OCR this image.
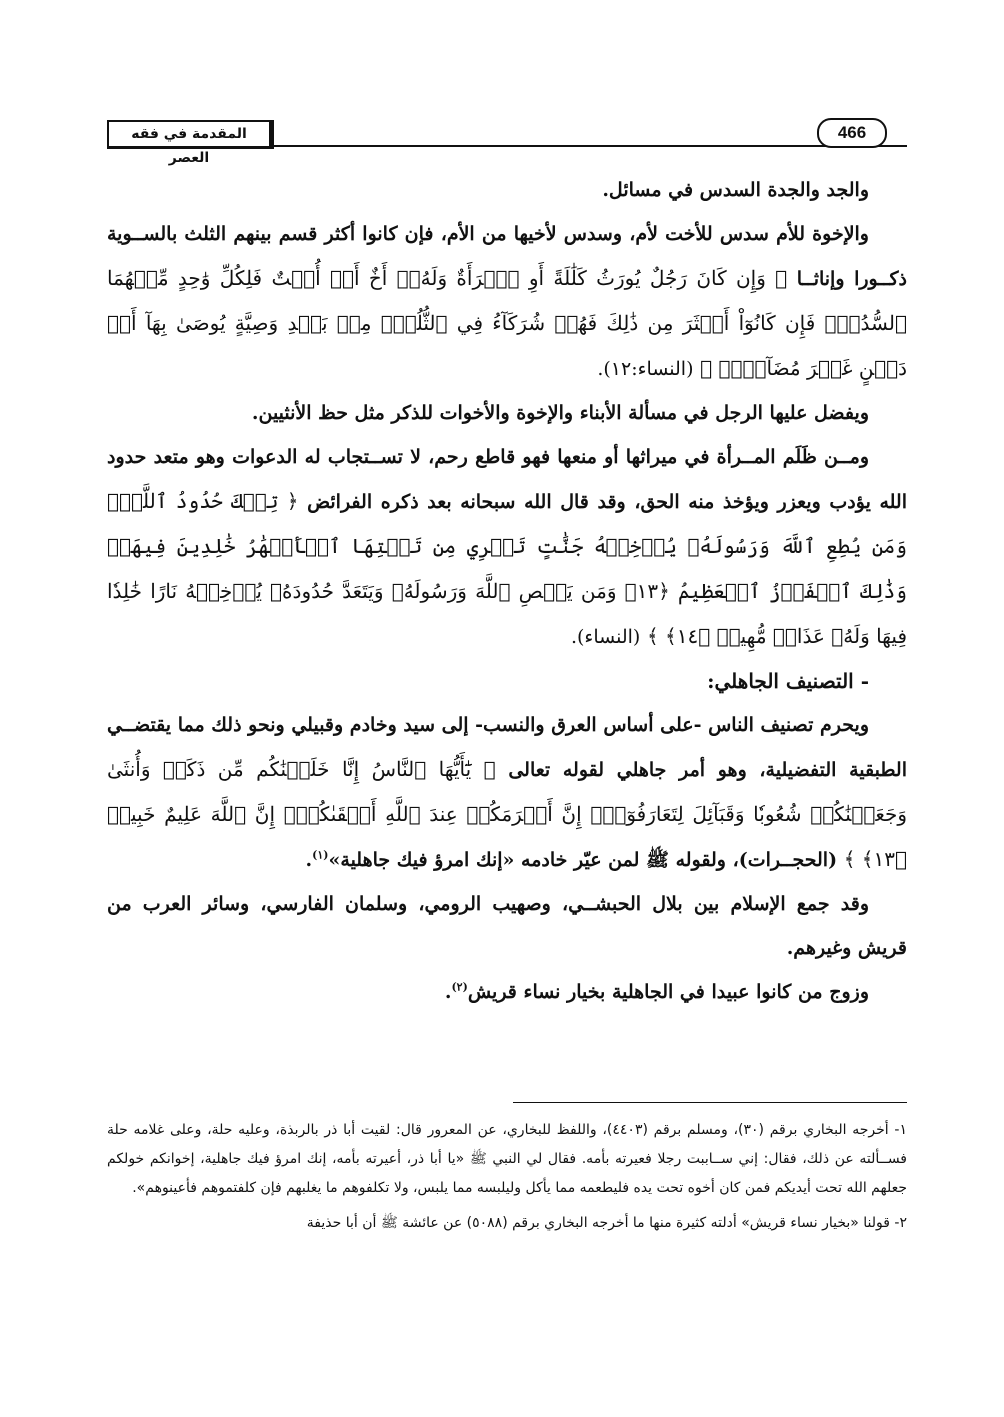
المقدمة في فقه العصر
466

والجد والجدة السدس في مسائل.

والإخوة للأم سدس للأخت لأم، وسدس لأخيها من الأم، فإن كانوا أكثر قسم بينهم الثلث بالســوية ذكــورا وإناثــا ﴿ وَإِن كَانَ رَجُلٌ يُورَثُ كَلَٰلَةً أَوِ ٱمۡرَأَةٌ وَلَهُۥٓ أَخٌ أَوۡ أُخۡتٌ فَلِكُلِّ وَٰحِدٍ مِّنۡهُمَا ٱلسُّدُسُۚ فَإِن كَانُوٓاْ أَكۡثَرَ مِن ذَٰلِكَ فَهُمۡ شُرَكَآءُ فِي ٱلثُّلُثِۚ مِنۢ بَعۡدِ وَصِيَّةٍ يُوصَىٰ بِهَآ أَوۡ دَيۡنٍ غَيۡرَ مُضَآرٍّۚ ﴾ (النساء:١٢).

ويفضل عليها الرجل في مسألة الأبناء والإخوة والأخوات للذكر مثل حظ الأنثيين.

ومــن ظَلَم المــرأة في ميراثها أو منعها فهو قاطع رحم، لا تســتجاب له الدعوات وهو متعد حدود الله يؤدب ويعزر ويؤخذ منه الحق، وقد قال الله سبحانه بعد ذكره الفرائض ﴿ تِلۡكَ حُدُودُ ٱللَّهِۚ وَمَن يُطِعِ ٱللَّهَ وَرَسُولَهُۥ يُدۡخِلۡهُ جَنَّٰتٍ تَجۡرِي مِن تَحۡتِهَا ٱلۡأَنۡهَٰرُ خَٰلِدِينَ فِيهَاۚ وَذَٰلِكَ ٱلۡفَوۡزُ ٱلۡعَظِيمُ ﴿١٣﴾ وَمَن يَعۡصِ ٱللَّهَ وَرَسُولَهُۥ وَيَتَعَدَّ حُدُودَهُۥ يُدۡخِلۡهُ نَارًا خَٰلِدٗا فِيهَا وَلَهُۥ عَذَابٞ مُّهِينٞ ﴿١٤﴾ ﴾ (النساء).

- التصنيف الجاهلي:

ويحرم تصنيف الناس -على أساس العرق والنسب- إلى سيد وخادم وقبيلي ونحو ذلك مما يقتضــي الطبقية التفضيلية، وهو أمر جاهلي لقوله تعالى ﴿ يَٰٓأَيُّهَا ٱلنَّاسُ إِنَّا خَلَقۡنَٰكُم مِّن ذَكَرٖ وَأُنثَىٰ وَجَعَلۡنَٰكُمۡ شُعُوبٗا وَقَبَآئِلَ لِتَعَارَفُوٓاْۚ إِنَّ أَكۡرَمَكُمۡ عِندَ ٱللَّهِ أَتۡقَىٰكُمۡۚ إِنَّ ٱللَّهَ عَلِيمٌ خَبِيرٞ ﴿١٣﴾ ﴾ (الحجــرات)، ولقوله ﷺ لمن عيّر خادمه «إنك امرؤ فيك جاهلية»$^{(١)}$.

وقد جمع الإسلام بين بلال الحبشــي، وصهيب الرومي، وسلمان الفارسي، وسائر العرب من قريش وغيرهم.

وزوج من كانوا عبيدا في الجاهلية بخيار نساء قريش$^{(٢)}$.

١- أخرجه البخاري برقم (٣٠)، ومسلم برقم (٤٤٠٣)، واللفظ للبخاري، عن المعرور قال: لقيت أبا ذر بالربذة، وعليه حلة، وعلى غلامه حلة فســألته عن ذلك، فقال: إني ســاببت رجلا فعيرته بأمه. فقال لي النبي ﷺ «يا أبا ذر، أعيرته بأمه، إنك امرؤ فيك جاهلية، إخوانكم خولكم جعلهم الله تحت أيديكم فمن كان أخوه تحت يده فليطعمه مما يأكل وليلبسه مما يلبس، ولا تكلفوهم ما يغلبهم فإن كلفتموهم فأعينوهم».

٢- قولنا «بخيار نساء قريش» أدلته كثيرة منها ما أخرجه البخاري برقم (٥٠٨٨) عن عائشة ﷺ أن أبا حذيفة
